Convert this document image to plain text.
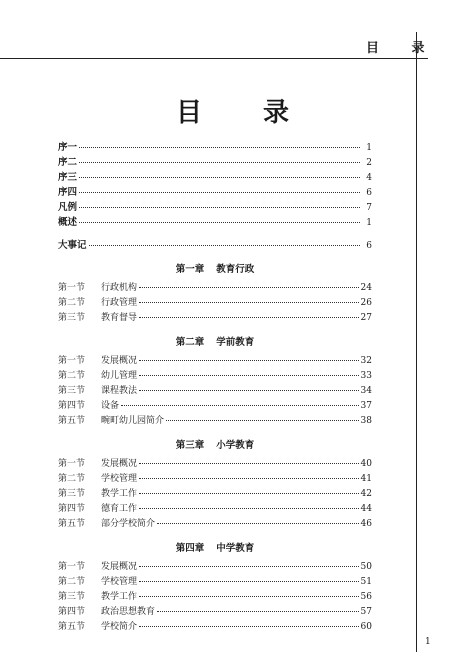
目 录
目 录
序一	1
序二	2
序三	4
序四	6
凡例	7
概述	1
大事记	6
第一章 教育行政
第一节	行政机构	24
第二节	行政管理	26
第三节	教育督导	27
第二章 学前教育
第一节	发展概况	32
第二节	幼儿管理	33
第三节	课程教法	34
第四节	设备	37
第五节	畹町幼儿园简介	38
第三章 小学教育
第一节	发展概况	40
第二节	学校管理	41
第三节	教学工作	42
第四节	德育工作	44
第五节	部分学校简介	46
第四章 中学教育
第一节	发展概况	50
第二节	学校管理	51
第三节	教学工作	56
第四节	政治思想教育	57
第五节	学校简介	60
1
